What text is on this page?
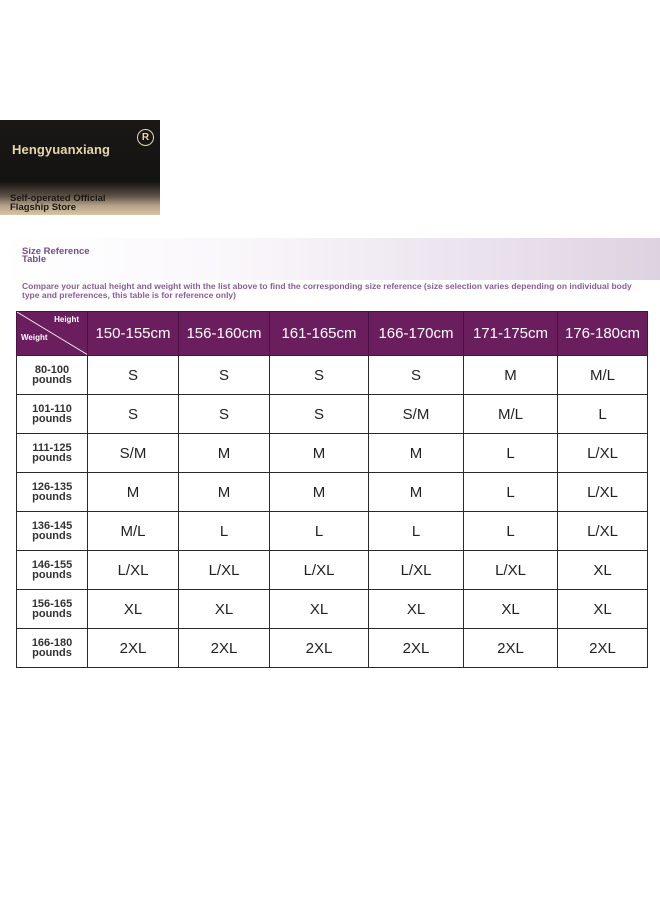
Hengyuanxiang
R
Self-operated Official
Flagship Store
Size Reference
Table
Compare your actual height and weight with the list above to find the corresponding size reference (size selection varies depending on individual body type and preferences, this table is for reference only)
Height
Weight	150-155cm	156-160cm	161-165cm	166-170cm	171-175cm	176-180cm
80-100
pounds	S	S	S	S	M	M/L
101-110
pounds	S	S	S	S/M	M/L	L
111-125
pounds	S/M	M	M	M	L	L/XL
126-135
pounds	M	M	M	M	L	L/XL
136-145
pounds	M/L	L	L	L	L	L/XL
146-155
pounds	L/XL	L/XL	L/XL	L/XL	L/XL	XL
156-165
pounds	XL	XL	XL	XL	XL	XL
166-180
pounds	2XL	2XL	2XL	2XL	2XL	2XL
